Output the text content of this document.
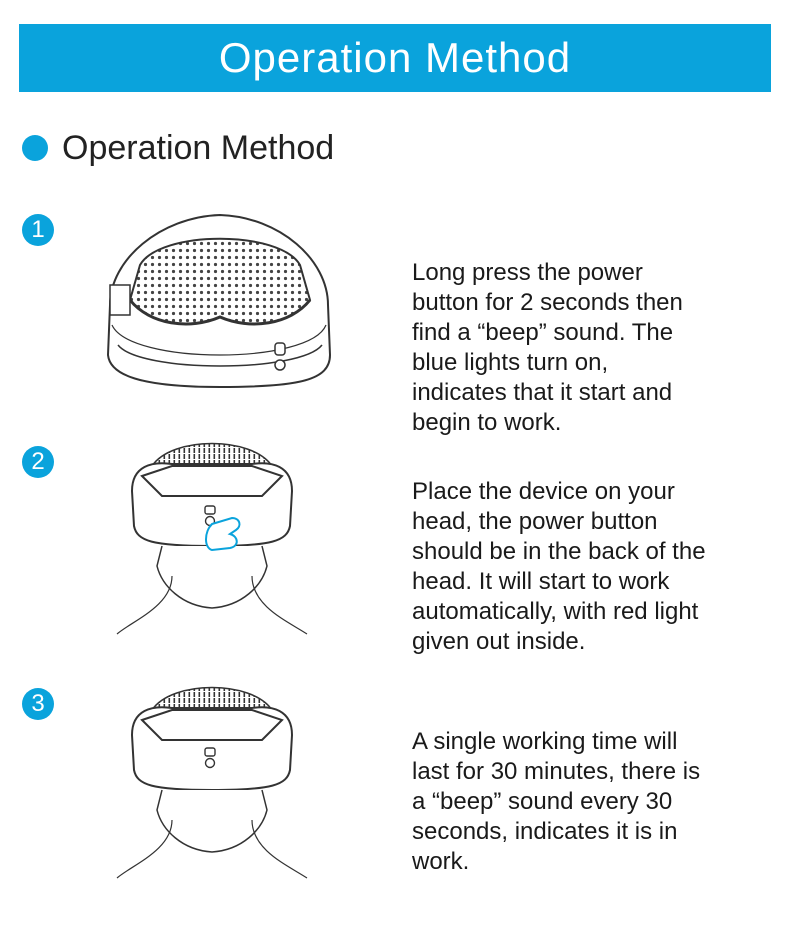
Operation Method
Operation Method
1

Long press the power
button for 2 seconds then
find a “beep” sound. The
blue lights turn on,
indicates that it start and
begin to work.

2

Place the device on your
head, the power button
should be in the back of the
head. It will start to work
automatically, with red light
given out inside.

3

A single working time will
last for 30 minutes, there is
a “beep” sound every 30
seconds, indicates it is in
work.
